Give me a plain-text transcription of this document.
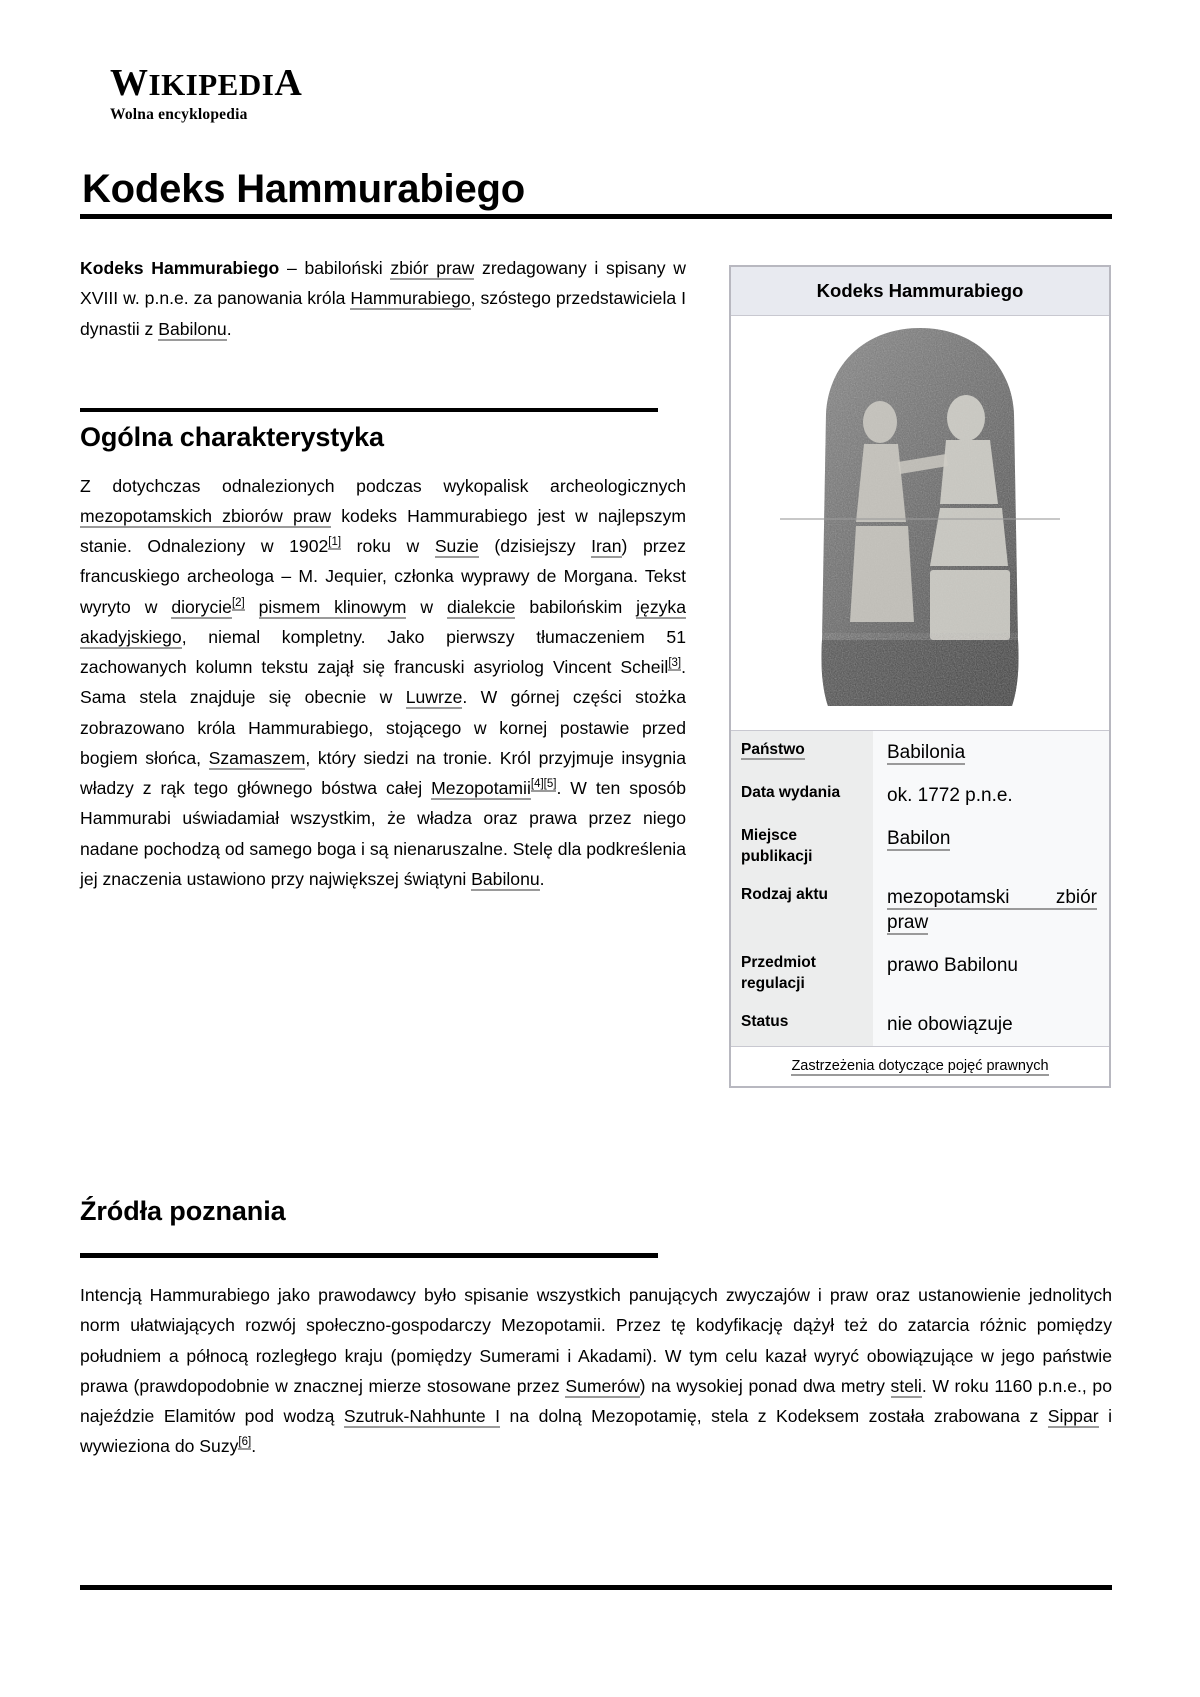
WIKIPEDIA
Wolna encyklopedia
Kodeks Hammurabiego
Kodeks Hammurabiego
Państwo	Babilonia
Data wydania	ok. 1772 p.n.e.
Miejsce publikacji	Babilon
Rodzaj aktu	mezopotamski zbiór praw
Przedmiot regulacji	prawo Babilonu
Status	nie obowiązuje
Zastrzeżenia dotyczące pojęć prawnych

Kodeks Hammurabiego – babiloński zbiór praw zredagowany i spisany w XVIII w. p.n.e. za panowania króla Hammurabiego, szóstego przedstawiciela I dynastii z Babilonu.

Ogólna charakterystyka

Z dotychczas odnalezionych podczas wykopalisk archeologicznych mezopotamskich zbiorów praw kodeks Hammurabiego jest w najlepszym stanie. Odnaleziony w 1902[1] roku w Suzie (dzisiejszy Iran) przez francuskiego archeologa – M. Jequier, członka wyprawy de Morgana. Tekst wyryto w diorycie[2] pismem klinowym w dialekcie babilońskim języka akadyjskiego, niemal kompletny. Jako pierwszy tłumaczeniem 51 zachowanych kolumn tekstu zajął się francuski asyriolog Vincent Scheil[3]. Sama stela znajduje się obecnie w Luwrze. W górnej części stożka zobrazowano króla Hammurabiego, stojącego w kornej postawie przed bogiem słońca, Szamaszem, który siedzi na tronie. Król przyjmuje insygnia władzy z rąk tego głównego bóstwa całej Mezopotamii[4][5]. W ten sposób Hammurabi uświadamiał wszystkim, że władza oraz prawa przez niego nadane pochodzą od samego boga i są nienaruszalne. Stelę dla podkreślenia jej znaczenia ustawiono przy największej świątyni Babilonu.

Źródła poznania

Intencją Hammurabiego jako prawodawcy było spisanie wszystkich panujących zwyczajów i praw oraz ustanowienie jednolitych norm ułatwiających rozwój społeczno-gospodarczy Mezopotamii. Przez tę kodyfikację dążył też do zatarcia różnic pomiędzy południem a północą rozległego kraju (pomiędzy Sumerami i Akadami). W tym celu kazał wyryć obowiązujące w jego państwie prawa (prawdopodobnie w znacznej mierze stosowane przez Sumerów) na wysokiej ponad dwa metry steli. W roku 1160 p.n.e., po najeździe Elamitów pod wodzą Szutruk-Nahhunte I na dolną Mezopotamię, stela z Kodeksem została zrabowana z Sippar i wywieziona do Suzy[6].
